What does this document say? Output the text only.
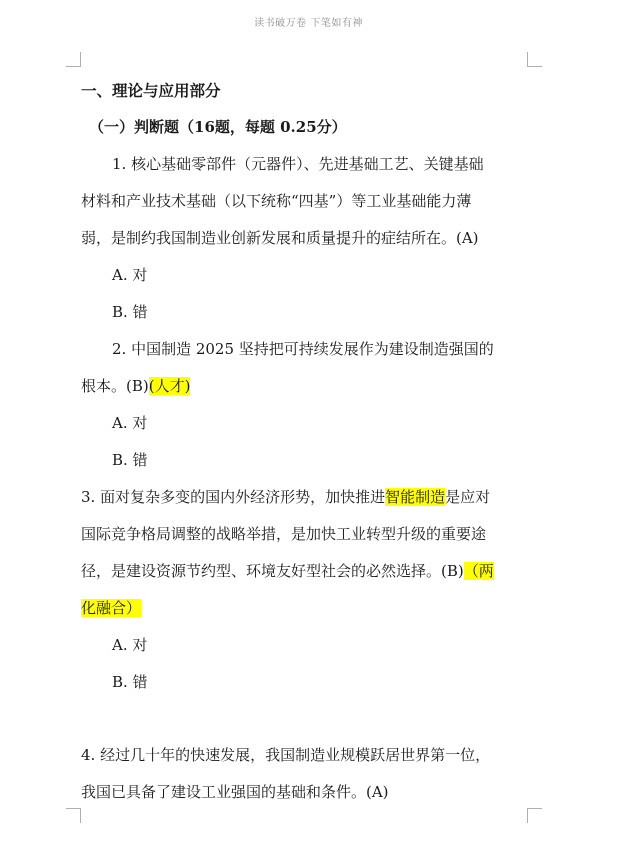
读书破万卷 下笔如有神
一、理论与应用部分
（一）判断题（16题，每题 0.25分）
1. 核心基础零部件（元器件）、先进基础工艺、关键基础
材料和产业技术基础（以下统称“四基”）等工业基础能力薄
弱，是制约我国制造业创新发展和质量提升的症结所在。(A)
A. 对
B. 错
2. 中国制造 2025 坚持把可持续发展作为建设制造强国的
根本。(B)(人才)
A. 对
B. 错
3. 面对复杂多变的国内外经济形势，加快推进智能制造是应对
国际竞争格局调整的战略举措，是加快工业转型升级的重要途
径，是建设资源节约型、环境友好型社会的必然选择。(B)（两
化融合）
A. 对
B. 错
4. 经过几十年的快速发展，我国制造业规模跃居世界第一位，
我国已具备了建设工业强国的基础和条件。(A)
